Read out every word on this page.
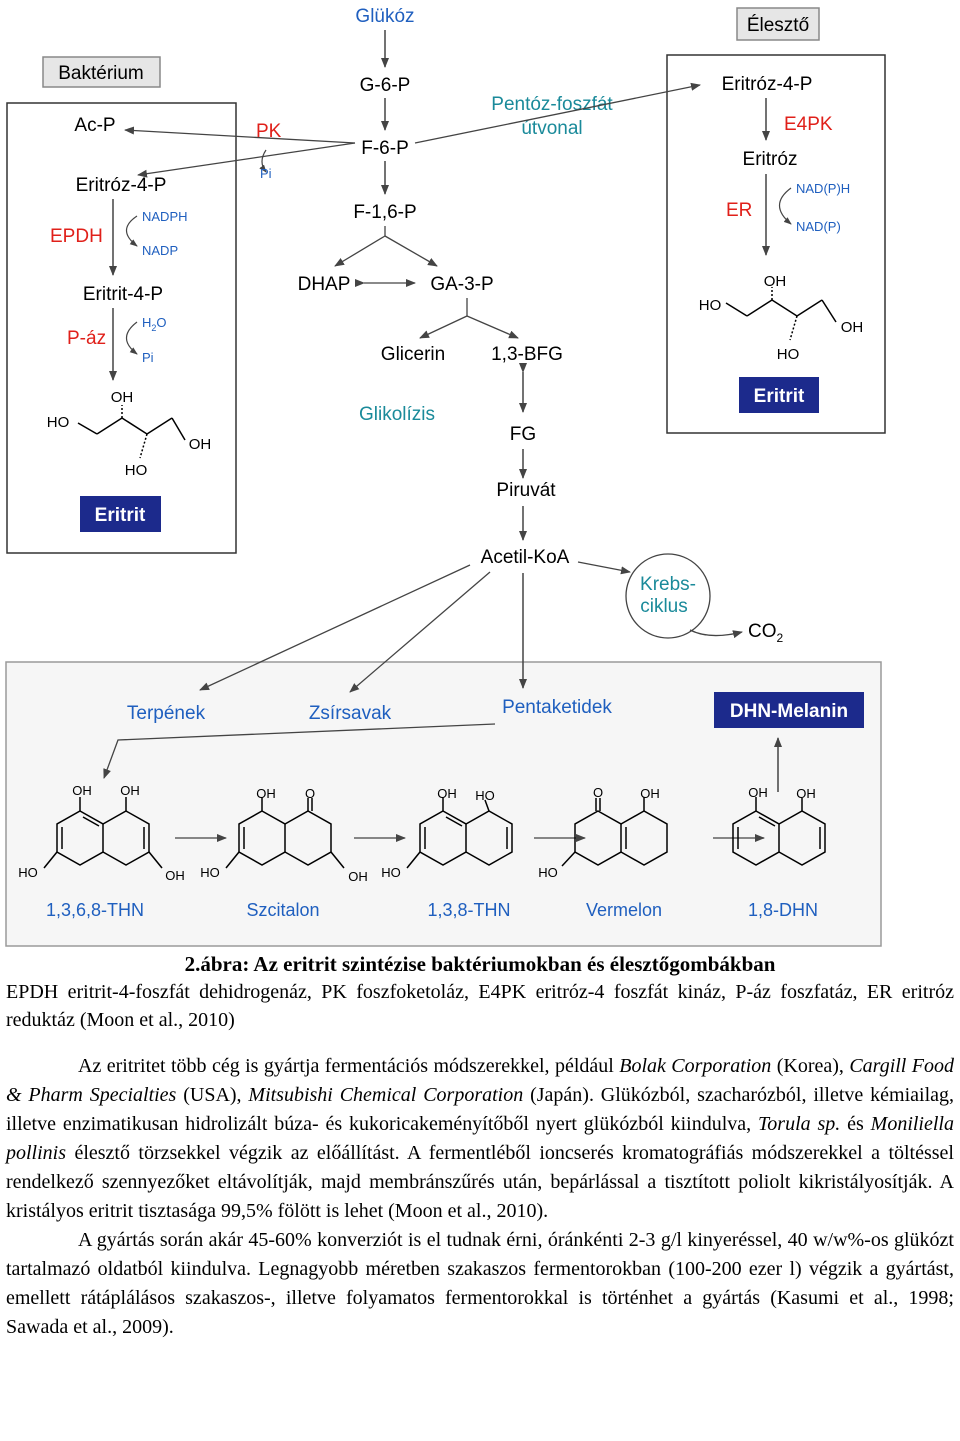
Baktérium
Élesztő
Glükóz
G-6-P
F-6-P
F-1,6-P
Pentóz-foszfát
útvonal
PK
Pi
DHAP	GA-3-P
Glicerin 1,3-BFG
Glikolízis
FG
Piruvát
Acetil-KoA
Krebs-
ciklus
$CO_2$
Ac-P
Eritróz-4-P
EPDH
NADPH
NADP
Eritrit-4-P
P-áz
$H_2O$
Pi
OH
HO
OH
HO
Eritrit
Eritróz-4-P
E4PK
Eritróz
ER
NAD(P)H
NAD(P)
OH
HO
OH
HO
Eritrit
Terpének	Zsírsavak	Pentaketidek	DHN-Melanin
OH OH
HO	OH
1,3,6,8-THN
OH O
HO	OH
Szcitalon
OH HO
HO
1,3,8-THN
O	OH
HO
Vermelon
OH OH
1,8-DHN

2.ábra: Az eritrit szintézise baktériumokban és élesztőgombákban

EPDH eritrit-4-foszfát dehidrogenáz, PK foszfoketoláz, E4PK eritróz-4 foszfát kináz, P-áz foszfatáz, ER eritróz reduktáz (Moon et al., 2010)

Az eritritet több cég is gyártja fermentációs módszerekkel, például Bolak Corporation (Korea), Cargill Food & Pharm Specialties (USA), Mitsubishi Chemical Corporation (Japán). Glükózból, szacharózból, illetve kémiailag, illetve enzimatikusan hidrolizált búza- és kukoricakeményítőből nyert glükózból kiindulva, Torula sp. és Moniliella pollinis élesztő törzsekkel végzik az előállítást. A fermentléből ioncserés kromatográfiás módszerekkel a töltéssel rendelkező szennyezőket eltávolítják, majd membránszűrés után, bepárlással a tisztított poliolt kikristályosítják. A kristályos eritrit tisztasága 99,5% fölött is lehet (Moon et al., 2010).

A gyártás során akár 45-60% konverziót is el tudnak érni, óránkénti 2-3 g/l kinyeréssel, 40 w/w%-os glükózt tartalmazó oldatból kiindulva. Legnagyobb méretben szakaszos fermentorokban (100-200 ezer l) végzik a gyártást, emellett rátáplálásos szakaszos-, illetve folyamatos fermentorokkal is történhet a gyártás (Kasumi et al., 1998; Sawada et al., 2009).
